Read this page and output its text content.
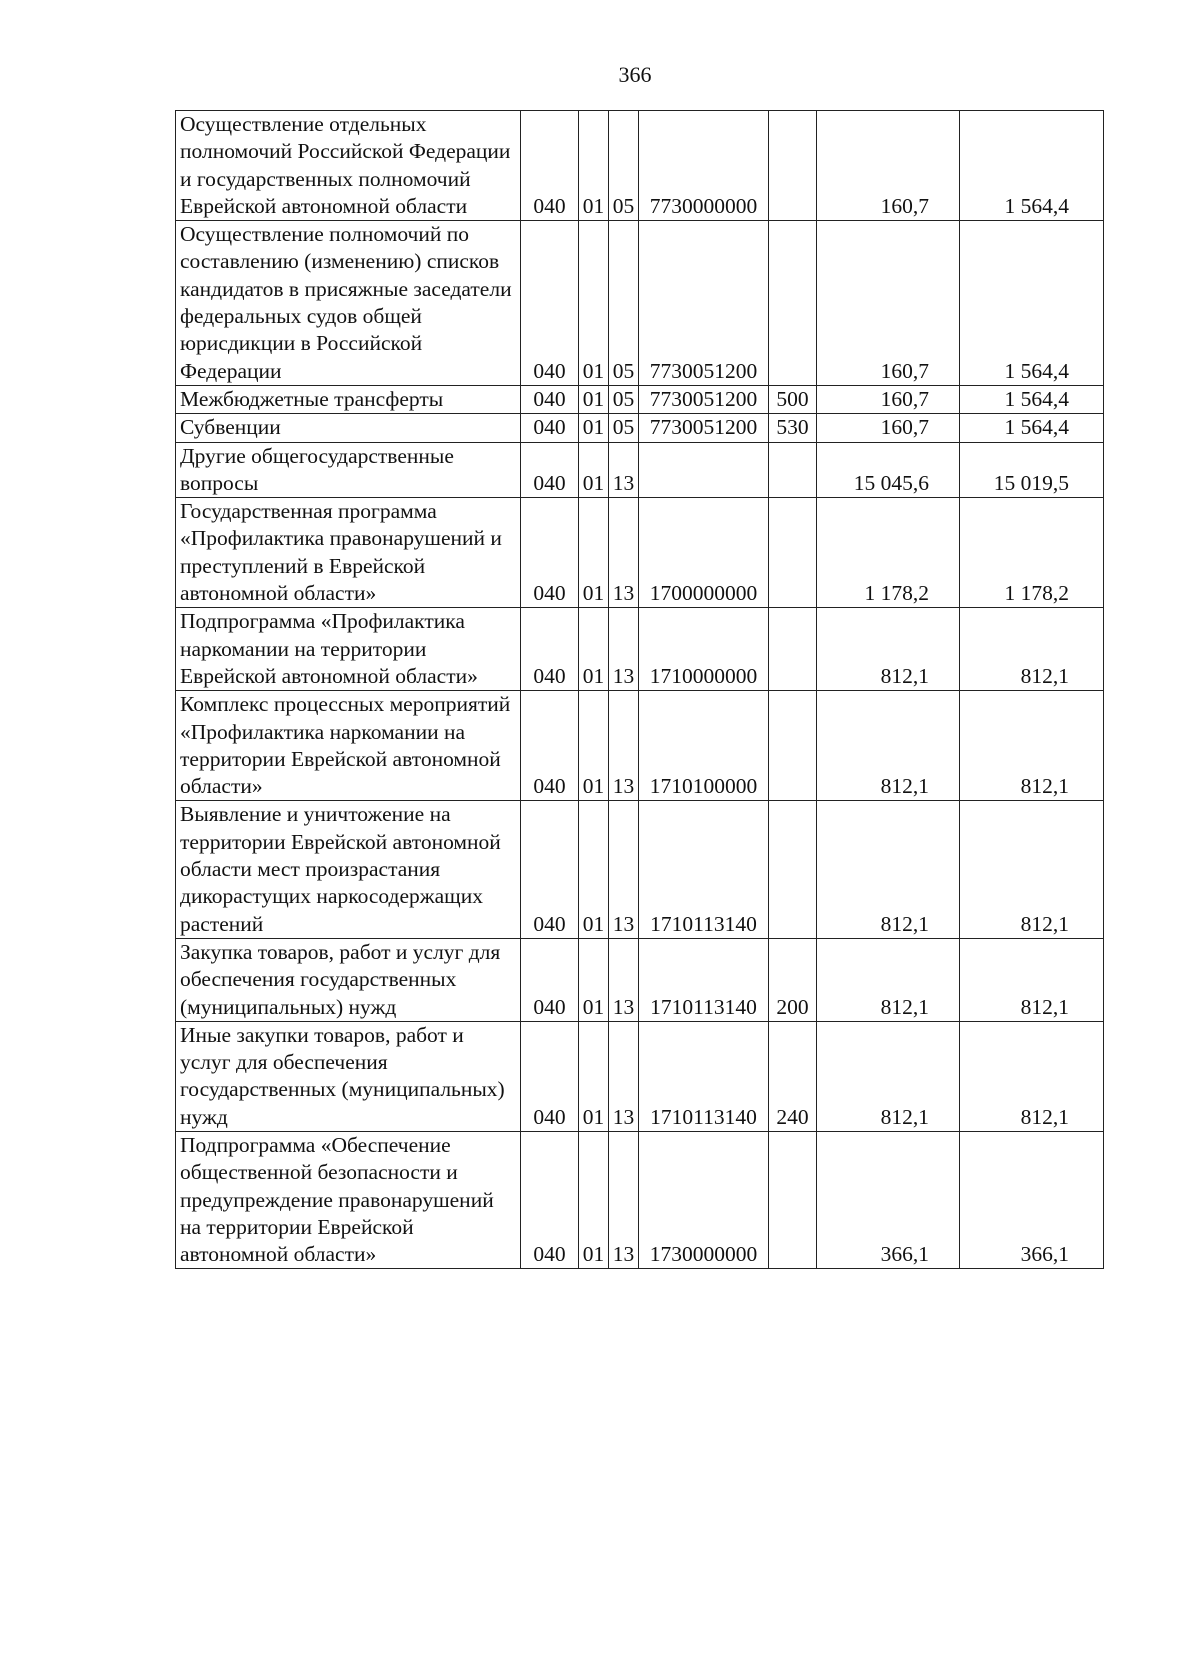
366
Осуществление отдельных полномочий Российской Федерации и государственных полномочий Еврейской автономной области	040	01	05	7730000000		160,7	1 564,4
Осуществление полномочий по составлению (изменению) списков кандидатов в присяжные заседатели федеральных судов общей юрисдикции в Российской Федерации	040	01	05	7730051200		160,7	1 564,4
Межбюджетные трансферты	040	01	05	7730051200	500	160,7	1 564,4
Субвенции	040	01	05	7730051200	530	160,7	1 564,4
Другие общегосударственные вопросы	040	01	13			15 045,6	15 019,5
Государственная программа «Профилактика правонарушений и преступлений в Еврейской автономной области»	040	01	13	1700000000		1 178,2	1 178,2
Подпрограмма «Профилактика наркомании на территории Еврейской автономной области»	040	01	13	1710000000		812,1	812,1
Комплекс процессных мероприятий «Профилактика наркомании на территории Еврейской автономной области»	040	01	13	1710100000		812,1	812,1
Выявление и уничтожение на территории Еврейской автономной области мест произрастания дикорастущих наркосодержащих растений	040	01	13	1710113140		812,1	812,1
Закупка товаров, работ и услуг для обеспечения государственных (муниципальных) нужд	040	01	13	1710113140	200	812,1	812,1
Иные закупки товаров, работ и услуг для обеспечения государственных (муниципальных) нужд	040	01	13	1710113140	240	812,1	812,1
Подпрограмма «Обеспечение общественной безопасности и предупреждение правонарушений на территории Еврейской автономной области»	040	01	13	1730000000		366,1	366,1
